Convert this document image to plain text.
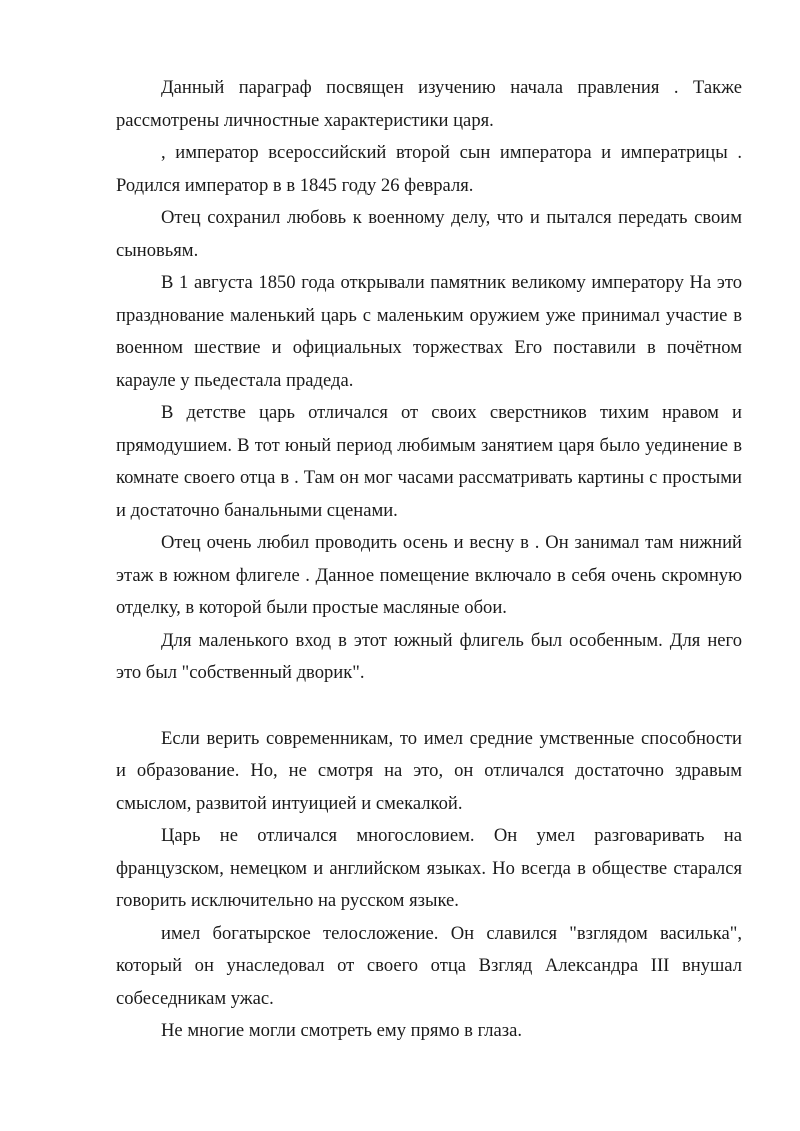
Данный параграф посвящен изучению начала правления . Также рассмотрены личностные характеристики царя.

, император всероссийский второй сын императора и императрицы . Родился император в в 1845 году 26 февраля.

Отец сохранил любовь к военному делу, что и пытался передать своим сыновьям.

В 1 августа 1850 года открывали памятник великому императору На это празднование маленький царь с маленьким оружием уже принимал участие в военном шествие и официальных торжествах Его поставили в почётном карауле у пьедестала прадеда.

В детстве царь отличался от своих сверстников тихим нравом и прямодушием. В тот юный период любимым занятием царя было уединение в комнате своего отца в . Там он мог часами рассматривать картины с простыми и достаточно банальными сценами.

Отец очень любил проводить осень и весну в . Он занимал там нижний этаж в южном флигеле . Данное помещение включало в себя очень скромную отделку, в которой были простые масляные обои.

Для маленького вход в этот южный флигель был особенным. Для него это был "собственный дворик".

Если верить современникам, то имел средние умственные способности и образование. Но, не смотря на это, он отличался достаточно здравым смыслом, развитой интуицией и смекалкой.

Царь не отличался многословием. Он умел разговаривать на французском, немецком и английском языках. Но всегда в обществе старался говорить исключительно на русском языке.

имел богатырское телосложение. Он славился "взглядом василька", который он унаследовал от своего отца Взгляд Александра III внушал собеседникам ужас.

Не многие могли смотреть ему прямо в глаза.
